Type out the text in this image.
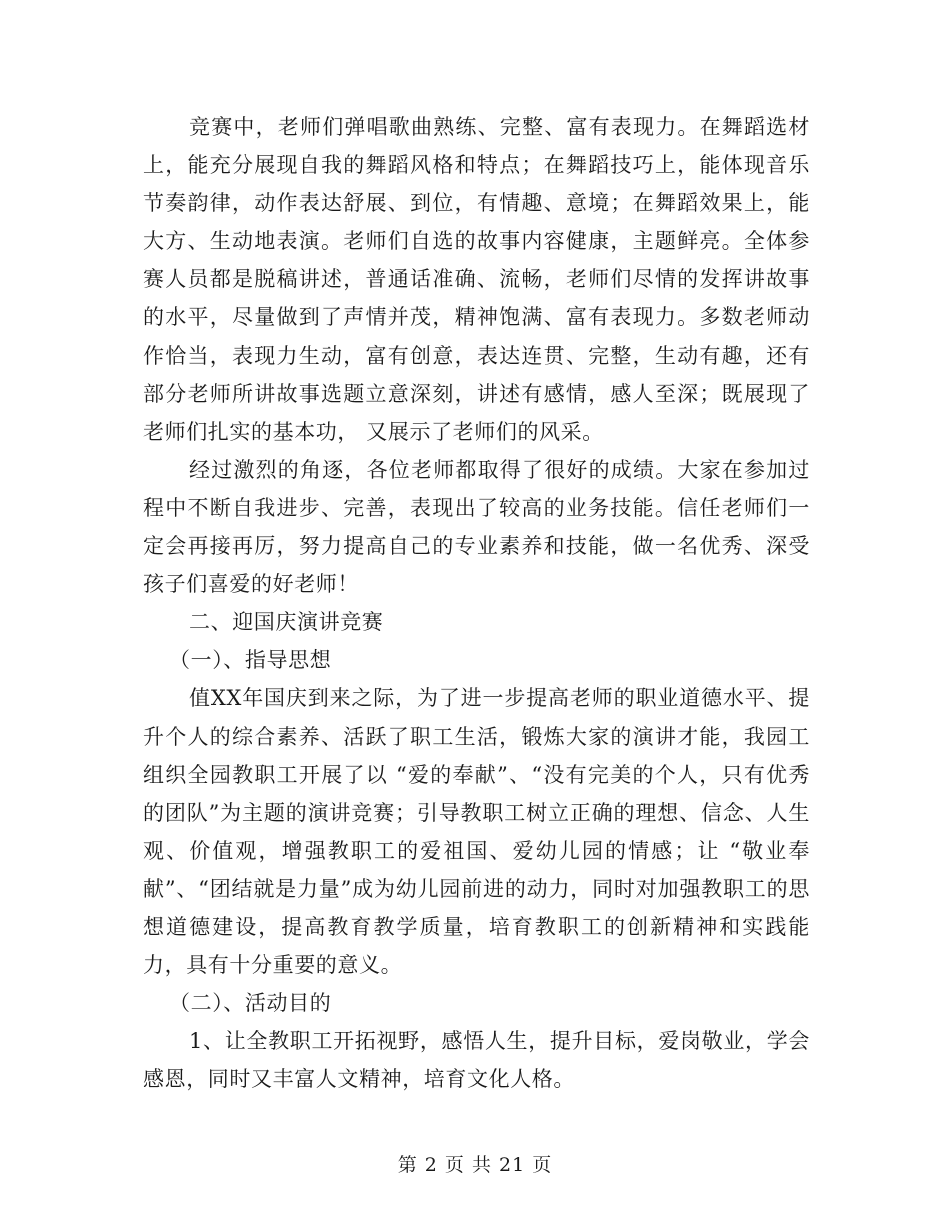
竞赛中，老师们弹唱歌曲熟练、完整、富有表现力。在舞蹈选材上，能充分展现自我的舞蹈风格和特点；在舞蹈技巧上，能体现音乐节奏韵律，动作表达舒展、到位，有情趣、意境；在舞蹈效果上，能大方、生动地表演。老师们自选的故事内容健康，主题鲜亮。全体参赛人员都是脱稿讲述，普通话准确、流畅，老师们尽情的发挥讲故事的水平，尽量做到了声情并茂，精神饱满、富有表现力。多数老师动作恰当，表现力生动，富有创意，表达连贯、完整，生动有趣，还有部分老师所讲故事选题立意深刻，讲述有感情，感人至深；既展现了老师们扎实的基本功， 又展示了老师们的风采。

经过激烈的角逐，各位老师都取得了很好的成绩。大家在参加过程中不断自我进步、完善，表现出了较高的业务技能。信任老师们一定会再接再厉，努力提高自己的专业素养和技能，做一名优秀、深受孩子们喜爱的好老师！

二、迎国庆演讲竞赛

（一）、指导思想

值XX年国庆到来之际，为了进一步提高老师的职业道德水平、提升个人的综合素养、活跃了职工生活，锻炼大家的演讲才能，我园工组织全园教职工开展了以 “爱的奉献”、“没有完美的个人，只有优秀的团队”为主题的演讲竞赛；引导教职工树立正确的理想、信念、人生观、价值观，增强教职工的爱祖国、爱幼儿园的情感；让 “敬业奉献”、“团结就是力量”成为幼儿园前进的动力，同时对加强教职工的思想道德建设，提高教育教学质量，培育教职工的创新精神和实践能力，具有十分重要的意义。

（二）、活动目的

1、让全教职工开拓视野，感悟人生，提升目标，爱岗敬业，学会感恩，同时又丰富人文精神，培育文化人格。

第 2 页 共 21 页
